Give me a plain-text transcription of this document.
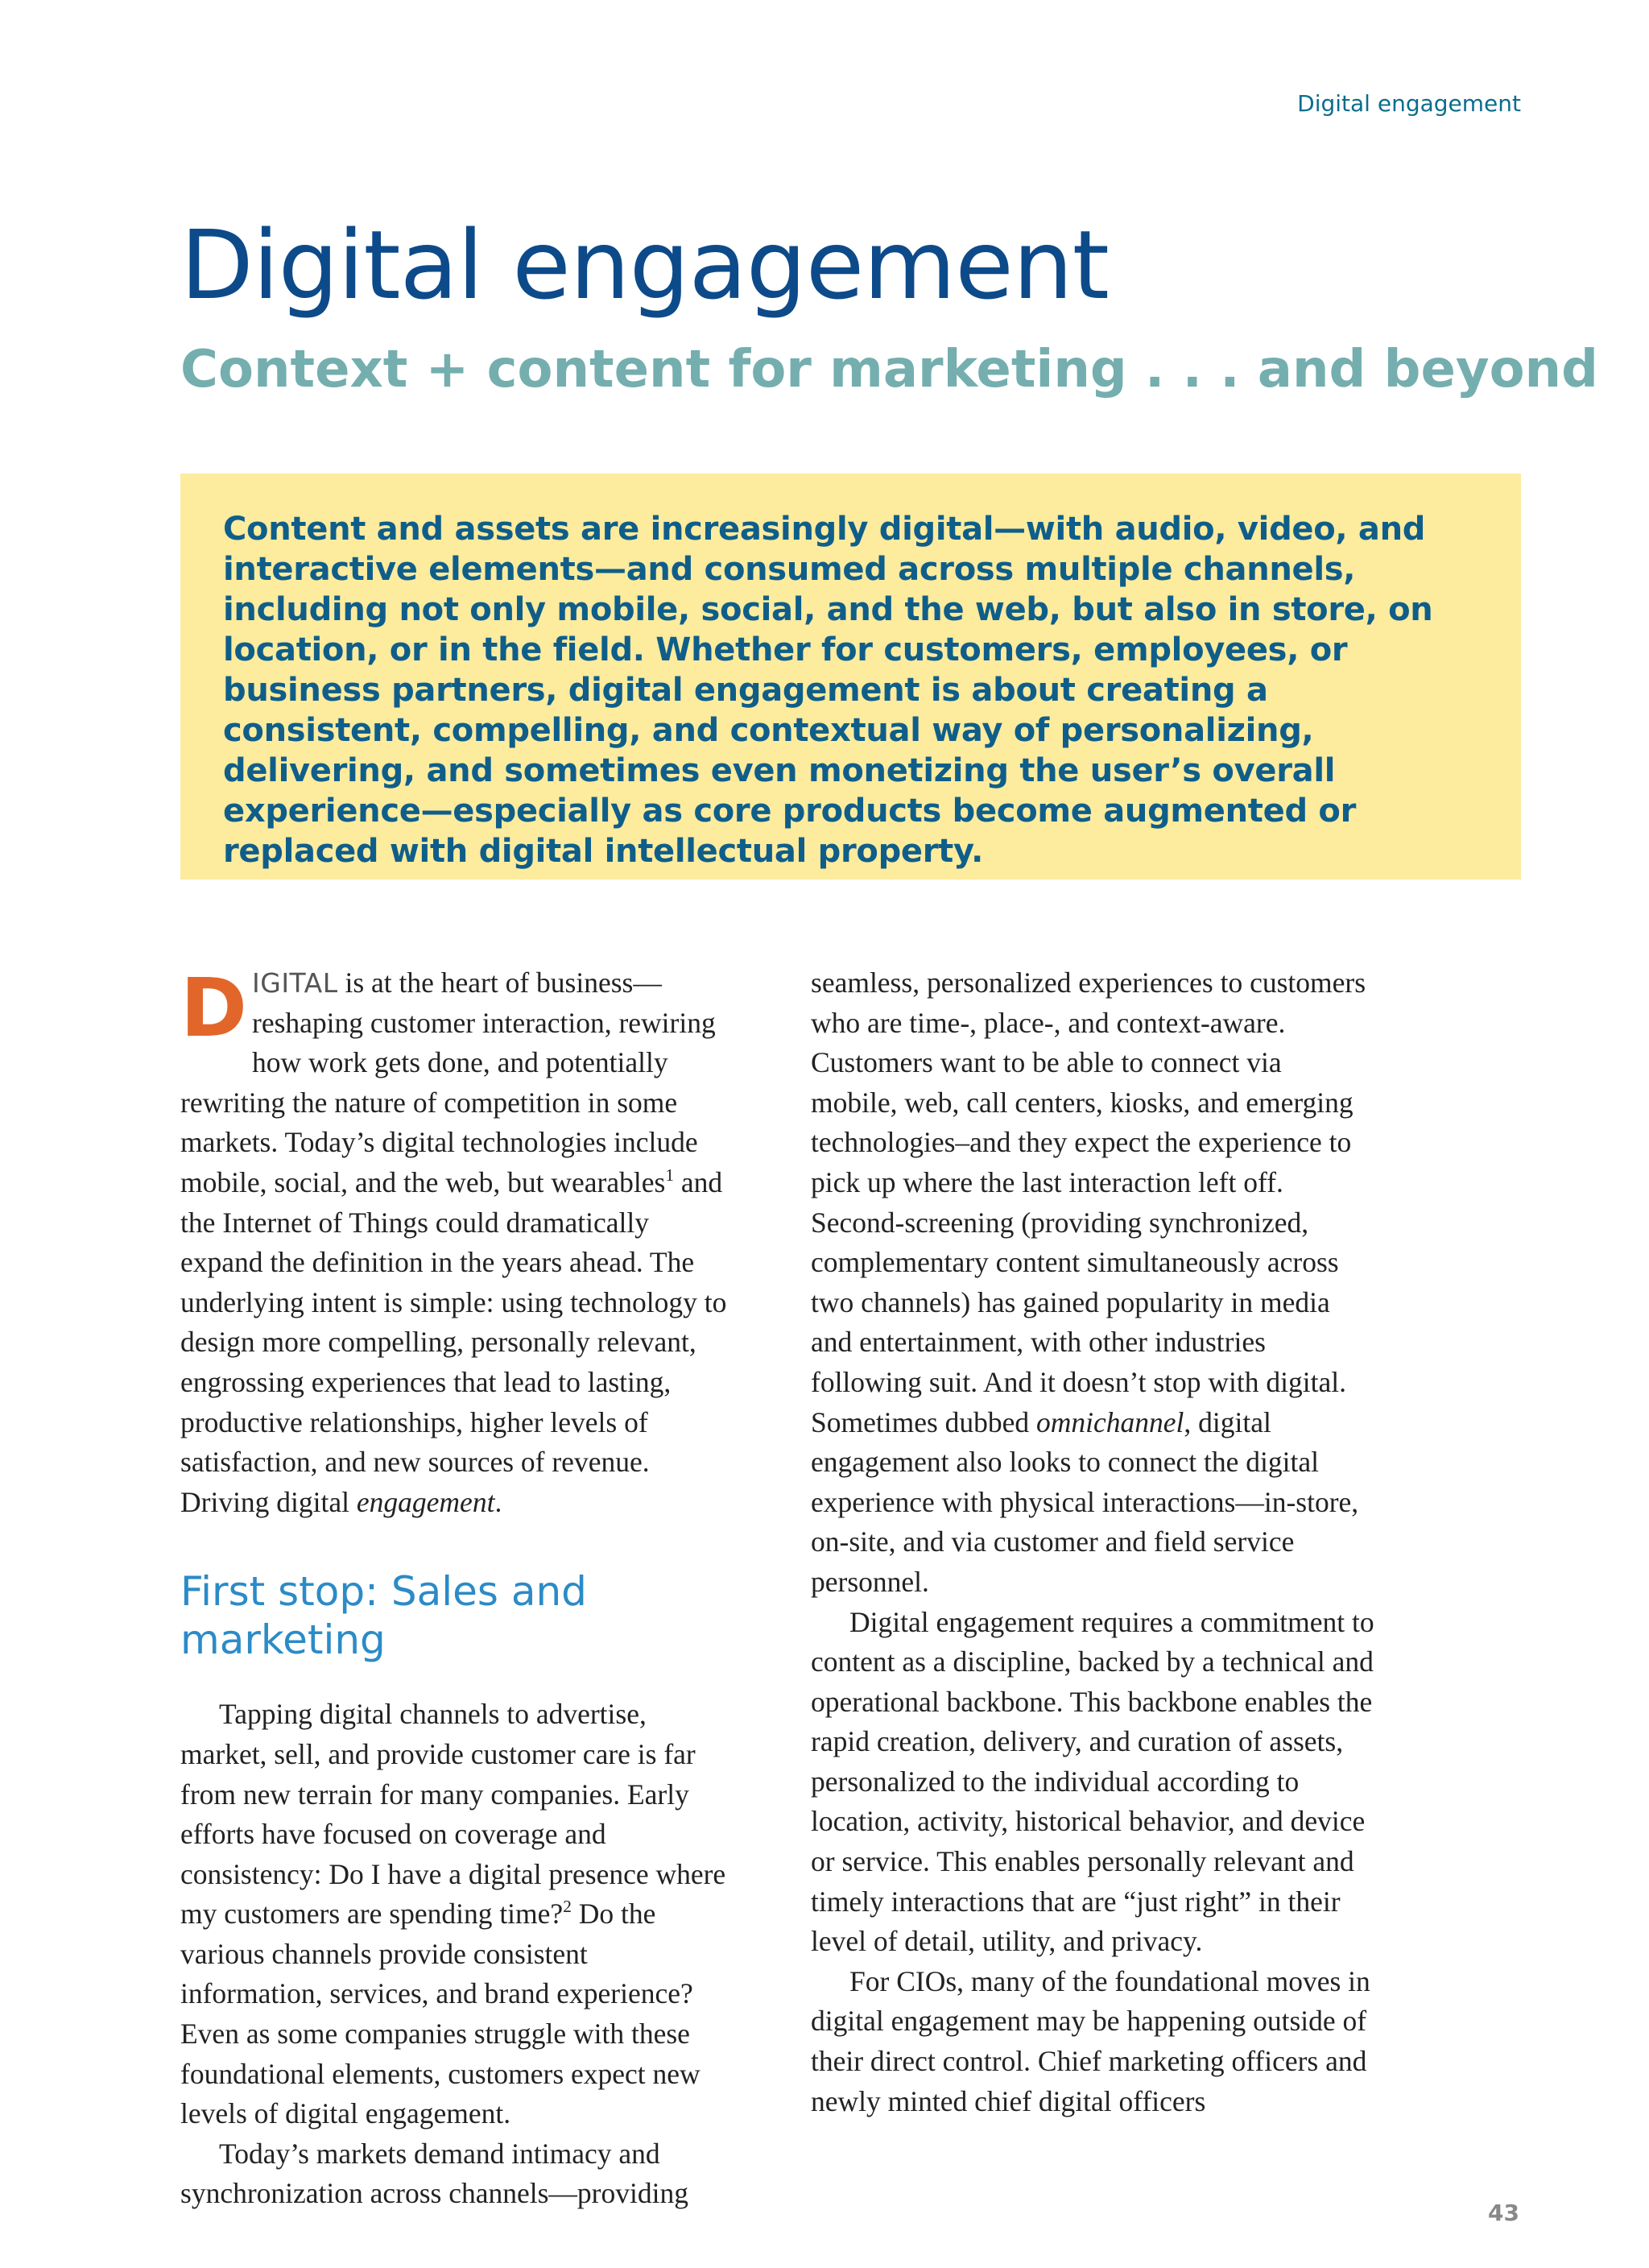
Digital engagement
Digital engagement
Context + content for marketing . . . and beyond

Content and assets are increasingly digital—with audio, video, and interactive elements—and consumed across multiple channels, including not only mobile, social, and the web, but also in store, on location, or in the field. Whether for customers, employees, or business partners, digital engagement is about creating a consistent, compelling, and contextual way of personalizing, delivering, and sometimes even monetizing the user’s overall experience—especially as core products become augmented or replaced with digital intellectual property.

DIGITAL is at the heart of business—reshaping customer interaction, rewiring how work gets done, and potentially rewriting the nature of competition in some markets. Today’s digital technologies include mobile, social, and the web, but wearables$^1$ and the Internet of Things could dramatically expand the definition in the years ahead. The underlying intent is simple: using technology to design more compelling, personally relevant, engrossing experiences that lead to lasting, productive relationships, higher levels of satisfaction, and new sources of revenue. Driving digital engagement.

First stop: Sales and marketing

Tapping digital channels to advertise, market, sell, and provide customer care is far from new terrain for many companies. Early efforts have focused on coverage and consistency: Do I have a digital presence where my customers are spending time?$^2$ Do the various channels provide consistent information, services, and brand experience? Even as some companies struggle with these foundational elements, customers expect new levels of digital engagement.

Today’s markets demand intimacy and synchronization across channels—providing

seamless, personalized experiences to customers who are time-, place-, and context-aware. Customers want to be able to connect via mobile, web, call centers, kiosks, and emerging technologies–and they expect the experience to pick up where the last interaction left off. Second-screening (providing synchronized, complementary content simultaneously across two channels) has gained popularity in media and entertainment, with other industries following suit. And it doesn’t stop with digital. Sometimes dubbed omnichannel, digital engagement also looks to connect the digital experience with physical interactions—in-store, on-site, and via customer and field service personnel.

Digital engagement requires a commitment to content as a discipline, backed by a technical and operational backbone. This backbone enables the rapid creation, delivery, and curation of assets, personalized to the individual according to location, activity, historical behavior, and device or service. This enables personally relevant and timely interactions that are “just right” in their level of detail, utility, and privacy.

For CIOs, many of the foundational moves in digital engagement may be happening outside of their direct control. Chief marketing officers and newly minted chief digital officers

43
